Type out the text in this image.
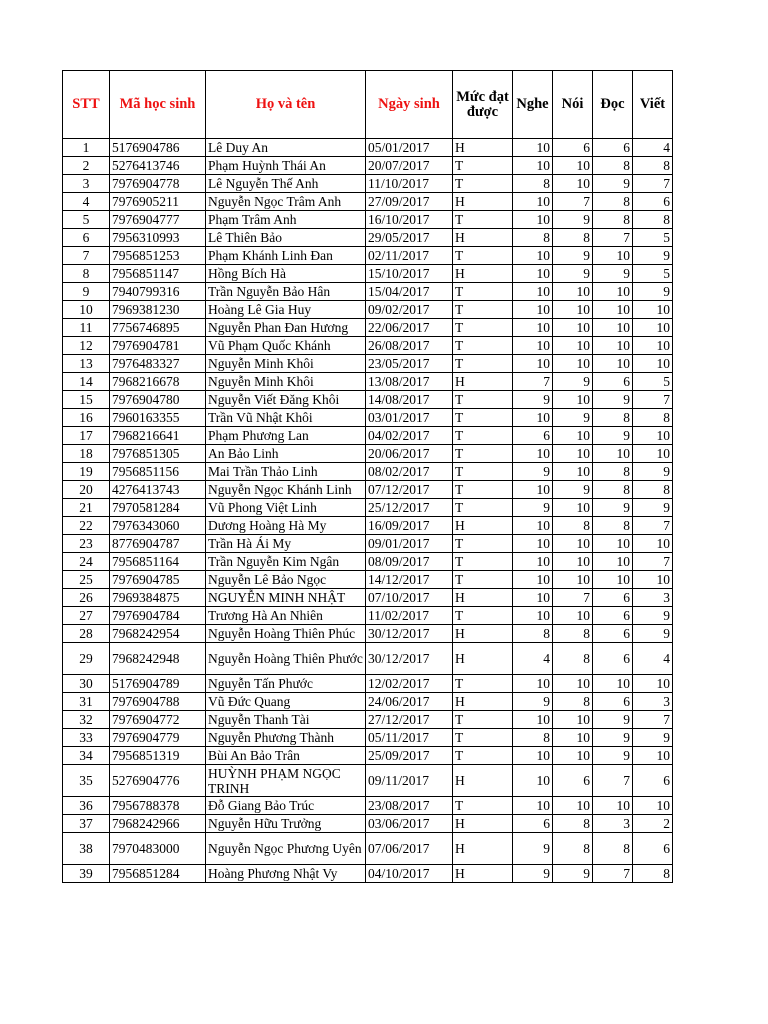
STT	Mã học sinh	Họ và tên	Ngày sinh	Mức đạt được	Nghe	Nói	Đọc	Viết
1	5176904786	Lê Duy An	05/01/2017	H	10	6	6	4
2	5276413746	Phạm Huỳnh Thái An	20/07/2017	T	10	10	8	8
3	7976904778	Lê Nguyễn Thế Anh	11/10/2017	T	8	10	9	7
4	7976905211	Nguyễn Ngọc Trâm Anh	27/09/2017	H	10	7	8	6
5	7976904777	Phạm Trâm Anh	16/10/2017	T	10	9	8	8
6	7956310993	Lê Thiên Bảo	29/05/2017	H	8	8	7	5
7	7956851253	Phạm Khánh Linh Đan	02/11/2017	T	10	9	10	9
8	7956851147	Hồng Bích Hà	15/10/2017	H	10	9	9	5
9	7940799316	Trần Nguyễn Bảo Hân	15/04/2017	T	10	10	10	9
10	7969381230	Hoàng Lê Gia Huy	09/02/2017	T	10	10	10	10
11	7756746895	Nguyễn Phan Đan Hương	22/06/2017	T	10	10	10	10
12	7976904781	Vũ Phạm Quốc Khánh	26/08/2017	T	10	10	10	10
13	7976483327	Nguyễn Minh Khôi	23/05/2017	T	10	10	10	10
14	7968216678	Nguyễn Minh Khôi	13/08/2017	H	7	9	6	5
15	7976904780	Nguyễn Viết Đăng Khôi	14/08/2017	T	9	10	9	7
16	7960163355	Trần Vũ Nhật Khôi	03/01/2017	T	10	9	8	8
17	7968216641	Phạm Phương Lan	04/02/2017	T	6	10	9	10
18	7976851305	An Bảo Linh	20/06/2017	T	10	10	10	10
19	7956851156	Mai Trần Thảo Linh	08/02/2017	T	9	10	8	9
20	4276413743	Nguyễn Ngọc Khánh Linh	07/12/2017	T	10	9	8	8
21	7970581284	Vũ Phong Việt Linh	25/12/2017	T	9	10	9	9
22	7976343060	Dương Hoàng Hà My	16/09/2017	H	10	8	8	7
23	8776904787	Trần Hà Ái My	09/01/2017	T	10	10	10	10
24	7956851164	Trần Nguyễn Kim Ngân	08/09/2017	T	10	10	10	7
25	7976904785	Nguyễn Lê Bảo Ngọc	14/12/2017	T	10	10	10	10
26	7969384875	NGUYỄN MINH NHẬT	07/10/2017	H	10	7	6	3
27	7976904784	Trương Hà An Nhiên	11/02/2017	T	10	10	6	9
28	7968242954	Nguyễn Hoàng Thiên Phúc	30/12/2017	H	8	8	6	9
29	7968242948	Nguyễn Hoàng Thiên Phước	30/12/2017	H	4	8	6	4
30	5176904789	Nguyễn Tấn Phước	12/02/2017	T	10	10	10	10
31	7976904788	Vũ Đức Quang	24/06/2017	H	9	8	6	3
32	7976904772	Nguyễn Thanh Tài	27/12/2017	T	10	10	9	7
33	7976904779	Nguyễn Phương Thành	05/11/2017	T	8	10	9	9
34	7956851319	Bùi An Bảo Trân	25/09/2017	T	10	10	9	10
35	5276904776	HUỲNH PHẠM NGỌC TRINH	09/11/2017	H	10	6	7	6
36	7956788378	Đỗ Giang Bảo Trúc	23/08/2017	T	10	10	10	10
37	7968242966	Nguyễn Hữu Trưởng	03/06/2017	H	6	8	3	2
38	7970483000	Nguyễn Ngọc Phương Uyên	07/06/2017	H	9	8	8	6
39	7956851284	Hoàng Phương Nhật Vy	04/10/2017	H	9	9	7	8
